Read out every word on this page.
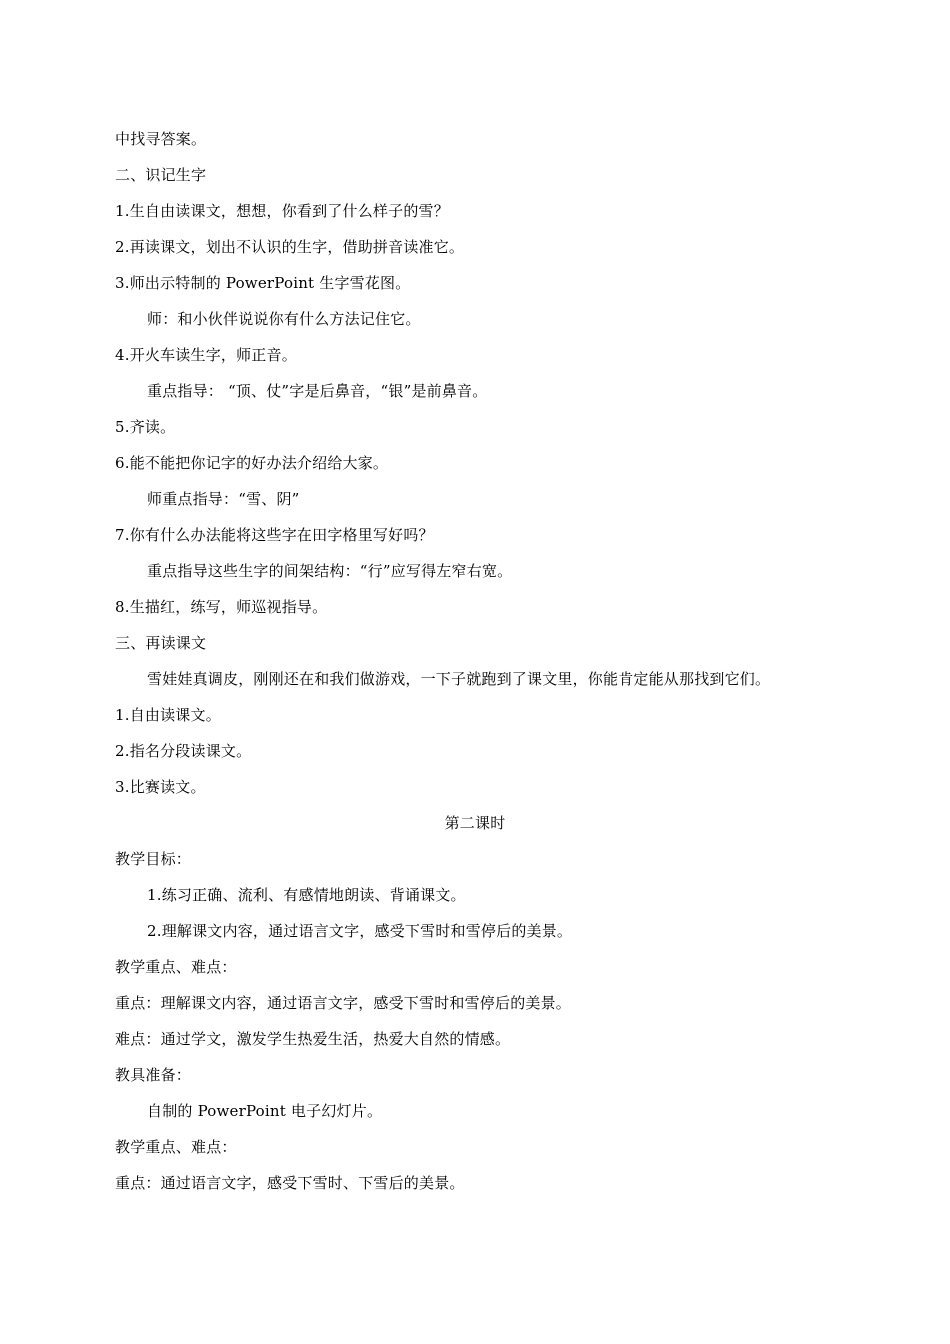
中找寻答案。
二、识记生字
1.生自由读课文，想想，你看到了什么样子的雪？
2.再读课文，划出不认识的生字，借助拼音读准它。
3.师出示特制的 PowerPoint 生字雪花图。
师：和小伙伴说说你有什么方法记住它。
4.开火车读生字，师正音。
重点指导： “顶、仗”字是后鼻音，“银”是前鼻音。
5.齐读。
6.能不能把你记字的好办法介绍给大家。
师重点指导：“雪、阴”
7.你有什么办法能将这些字在田字格里写好吗？
重点指导这些生字的间架结构：“行”应写得左窄右宽。
8.生描红，练写，师巡视指导。
三、再读课文
雪娃娃真调皮，刚刚还在和我们做游戏，一下子就跑到了课文里，你能肯定能从那找到它们。
1.自由读课文。
2.指名分段读课文。
3.比赛读文。
第二课时
教学目标：
1.练习正确、流利、有感情地朗读、背诵课文。
2.理解课文内容，通过语言文字，感受下雪时和雪停后的美景。
教学重点、难点：
重点：理解课文内容，通过语言文字，感受下雪时和雪停后的美景。
难点：通过学文，激发学生热爱生活，热爱大自然的情感。
教具准备：
自制的 PowerPoint 电子幻灯片。
教学重点、难点：
重点：通过语言文字，感受下雪时、下雪后的美景。
